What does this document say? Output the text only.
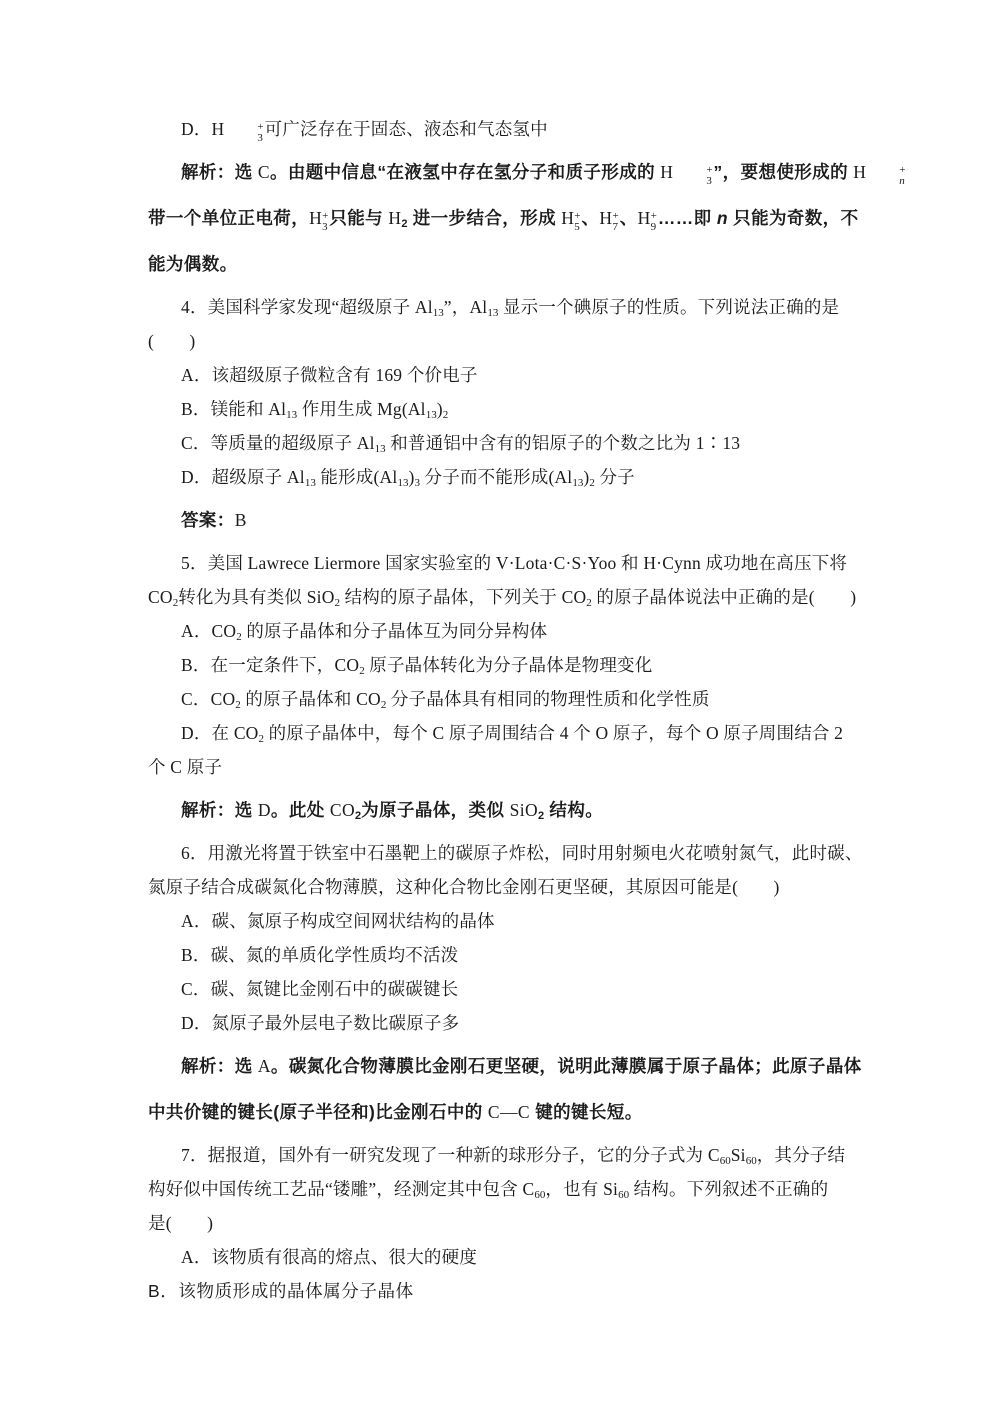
D．H	+
3 可广泛存在于固态、液态和气态氢中
解析：选 C。由题中信息“在液氢中存在氢分子和质子形成的 H	+
3 ”，要想使形成的 H	+
n
带一个单位正电荷，H +
3 只能与 $H_2$ 进一步结合，形成 H +
5 、H +
7 、H +
9 ……即 n 只能为奇数，不
能为偶数。
4．美国科学家发现“超级原子 $Al_{13}$”，$Al_{13}$ 显示一个碘原子的性质。下列说法正确的是
(　　)
A．该超级原子微粒含有 169 个价电子
B．镁能和 $Al_{13}$ 作用生成 $Mg(Al_{13})_2$
C．等质量的超级原子 $Al_{13}$ 和普通铝中含有的铝原子的个数之比为 1∶13
D．超级原子 $Al_{13}$ 能形成$(Al_{13})_3$ 分子而不能形成$(Al_{13})_2$ 分子
答案：B
5．美国 Lawrece Liermore 国家实验室的 V·Lota·C·S·Yoo 和 H·Cynn 成功地在高压下将
$CO_2$转化为具有类似 SiO$_2$ 结构的原子晶体，下列关于 $CO_2$ 的原子晶体说法中正确的是(　　)
A．$CO_2$ 的原子晶体和分子晶体互为同分异构体
B．在一定条件下，$CO_2$ 原子晶体转化为分子晶体是物理变化
C．$CO_2$ 的原子晶体和 $CO_2$ 分子晶体具有相同的物理性质和化学性质
D．在 $CO_2$ 的原子晶体中，每个 C 原子周围结合 4 个 O 原子，每个 O 原子周围结合 2
个 C 原子
解析：选 D。此处 $CO_2$为原子晶体，类似 SiO$_2$ 结构。
6．用激光将置于铁室中石墨靶上的碳原子炸松，同时用射频电火花喷射氮气，此时碳、
氮原子结合成碳氮化合物薄膜，这种化合物比金刚石更坚硬，其原因可能是(　　)
A．碳、氮原子构成空间网状结构的晶体
B．碳、氮的单质化学性质均不活泼
C．碳、氮键比金刚石中的碳碳键长
D．氮原子最外层电子数比碳原子多
解析：选 A。碳氮化合物薄膜比金刚石更坚硬，说明此薄膜属于原子晶体；此原子晶体
中共价键的键长(原子半径和)比金刚石中的 C—C 键的键长短。
7．据报道，国外有一研究发现了一种新的球形分子，它的分子式为 $C_{60}Si_{60}$，其分子结
构好似中国传统工艺品“镂雕”，经测定其中包含 $C_{60}$，也有 $Si_{60}$ 结构。下列叙述不正确的
是(　　)
A．该物质有很高的熔点、很大的硬度
B．该物质形成的晶体属分子晶体
